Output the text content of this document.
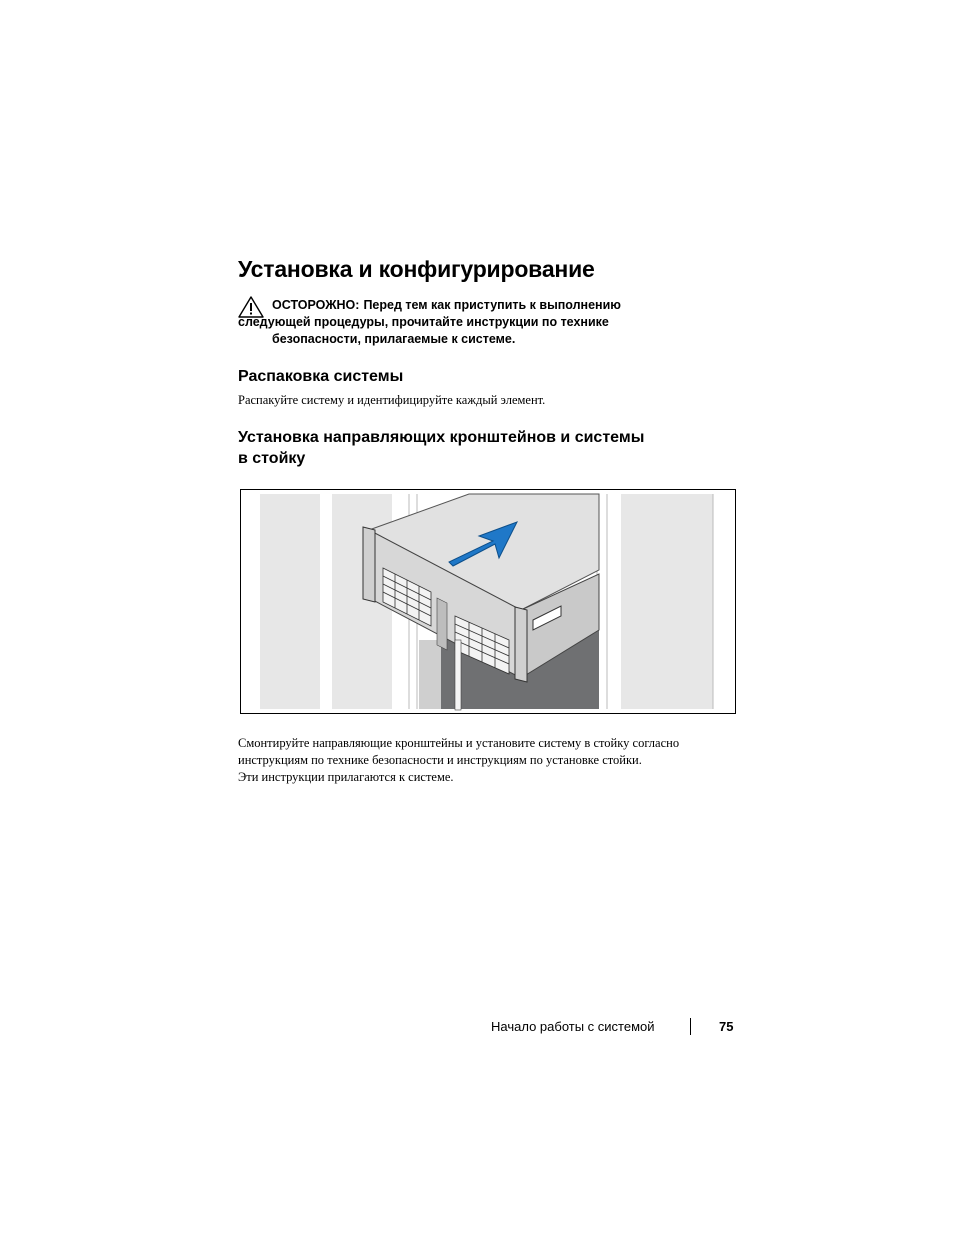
Установка и конфигурирование
ОСТОРОЖНО: Перед тем как приступить к выполнению
следующей процедуры, прочитайте инструкции по технике
безопасности, прилагаемые к системе.
Распаковка системы

Распакуйте систему и идентифицируйте каждый элемент.

Установка направляющих кронштейнов и системы
в стойку

Смонтируйте направляющие кронштейны и установите систему в стойку согласно
инструкциям по технике безопасности и инструкциям по установке стойки.
Эти инструкции прилагаются к системе.

Начало работы с системой	75
